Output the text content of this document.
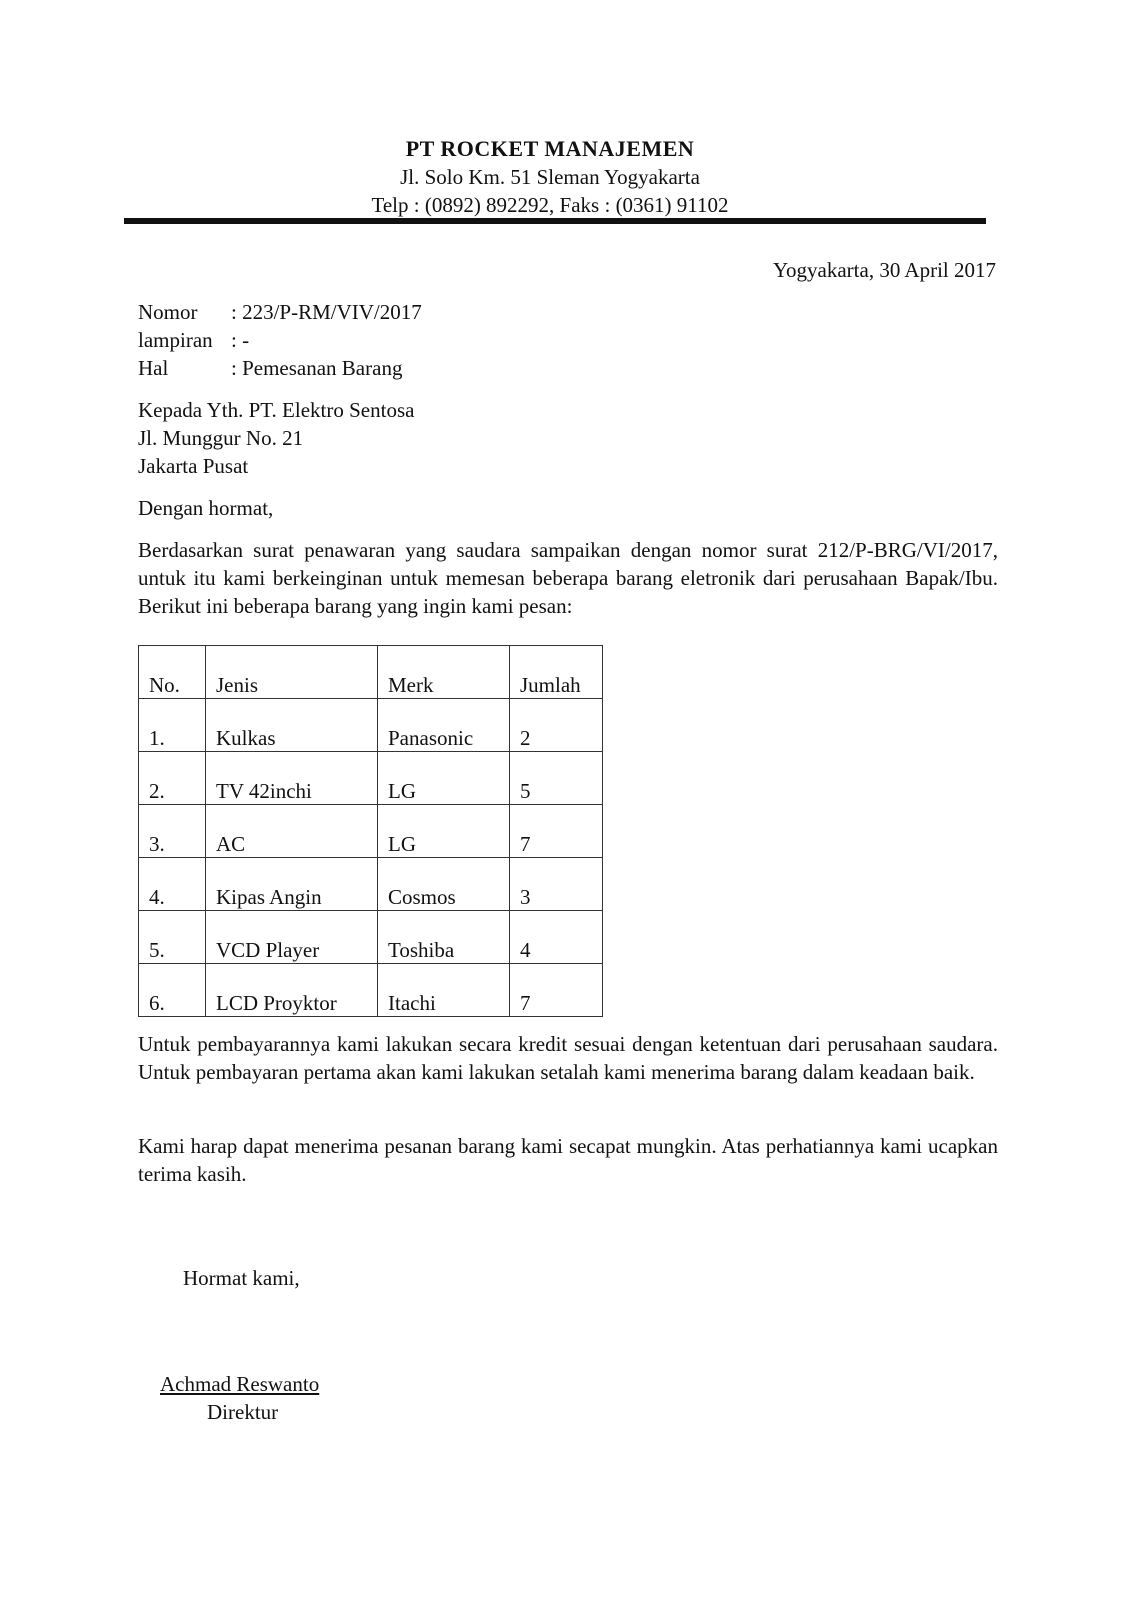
PT ROCKET MANAJEMEN
Jl. Solo Km. 51 Sleman Yogyakarta
Telp : (0892) 892292, Faks : (0361) 91102
Yogyakarta, 30 April 2017
Nomor	: 223/P-RM/VIV/2017
lampiran : -
Hal	: Pemesanan Barang
Kepada Yth. PT. Elektro Sentosa
Jl. Munggur No. 21
Jakarta Pusat
Dengan hormat,
Berdasarkan surat penawaran yang saudara sampaikan dengan nomor surat 212/P-BRG/VI/2017, untuk itu kami berkeinginan untuk memesan beberapa barang eletronik dari perusahaan Bapak/Ibu. Berikut ini beberapa barang yang ingin kami pesan:
No.	Jenis	Merk	Jumlah
1.	Kulkas	Panasonic	2
2.	TV 42inchi	LG	5
3.	AC	LG	7
4.	Kipas Angin	Cosmos	3
5.	VCD Player	Toshiba	4
6.	LCD Proyktor	Itachi	7
Untuk pembayarannya kami lakukan secara kredit sesuai dengan ketentuan dari perusahaan saudara. Untuk pembayaran pertama akan kami lakukan setalah kami menerima barang dalam keadaan baik.
Kami harap dapat menerima pesanan barang kami secapat mungkin. Atas perhatiannya kami ucapkan terima kasih.
Hormat kami,
Achmad Reswanto
Direktur
